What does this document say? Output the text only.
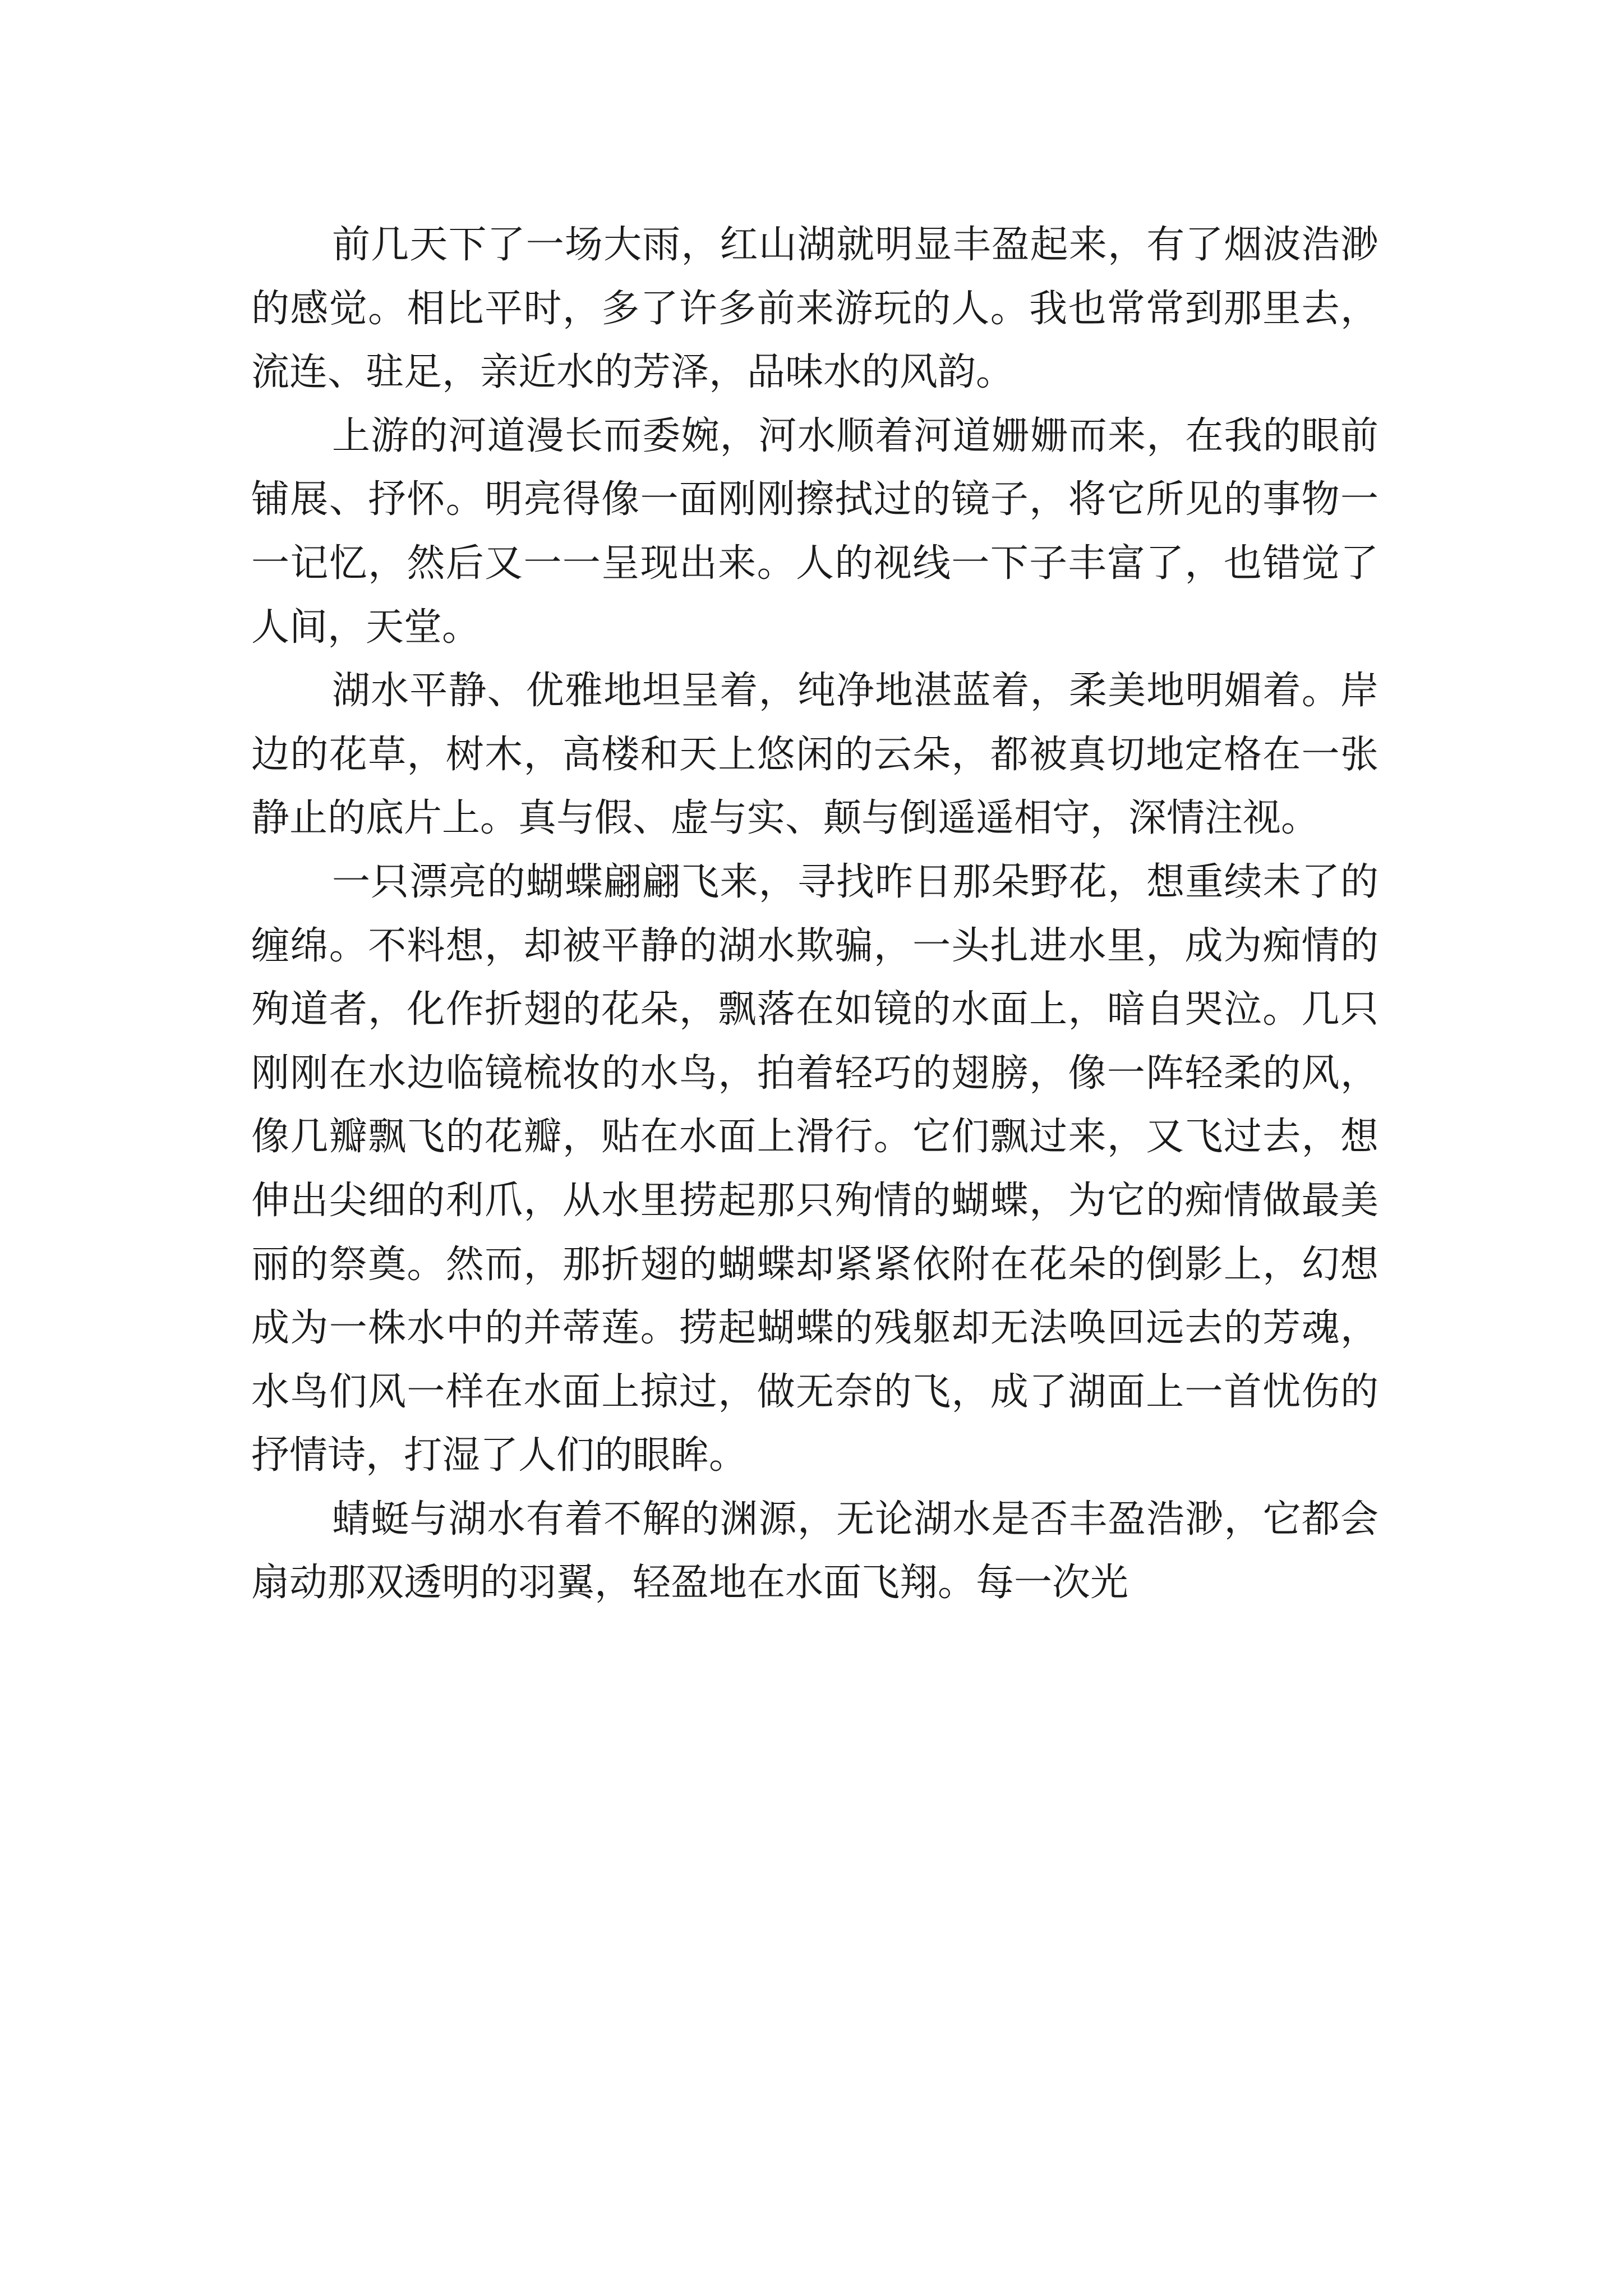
前几天下了一场大雨，红山湖就明显丰盈起来，有了烟波浩渺的感觉。相比平时，多了许多前来游玩的人。我也常常到那里去，流连、驻足，亲近水的芳泽，品味水的风韵。

上游的河道漫长而委婉，河水顺着河道姗姗而来，在我的眼前铺展、抒怀。明亮得像一面刚刚擦拭过的镜子，将它所见的事物一一记忆，然后又一一呈现出来。人的视线一下子丰富了，也错觉了人间，天堂。

湖水平静、优雅地坦呈着，纯净地湛蓝着，柔美地明媚着。岸边的花草，树木，高楼和天上悠闲的云朵，都被真切地定格在一张静止的底片上。真与假、虚与实、颠与倒遥遥相守，深情注视。

一只漂亮的蝴蝶翩翩飞来，寻找昨日那朵野花，想重续未了的缠绵。不料想，却被平静的湖水欺骗，一头扎进水里，成为痴情的殉道者，化作折翅的花朵，飘落在如镜的水面上，暗自哭泣。几只刚刚在水边临镜梳妆的水鸟，拍着轻巧的翅膀，像一阵轻柔的风，像几瓣飘飞的花瓣，贴在水面上滑行。它们飘过来，又飞过去，想伸出尖细的利爪，从水里捞起那只殉情的蝴蝶，为它的痴情做最美丽的祭奠。然而，那折翅的蝴蝶却紧紧依附在花朵的倒影上，幻想成为一株水中的并蒂莲。捞起蝴蝶的残躯却无法唤回远去的芳魂，水鸟们风一样在水面上掠过，做无奈的飞，成了湖面上一首忧伤的抒情诗，打湿了人们的眼眸。

蜻蜓与湖水有着不解的渊源，无论湖水是否丰盈浩渺，它都会扇动那双透明的羽翼，轻盈地在水面飞翔。每一次光
